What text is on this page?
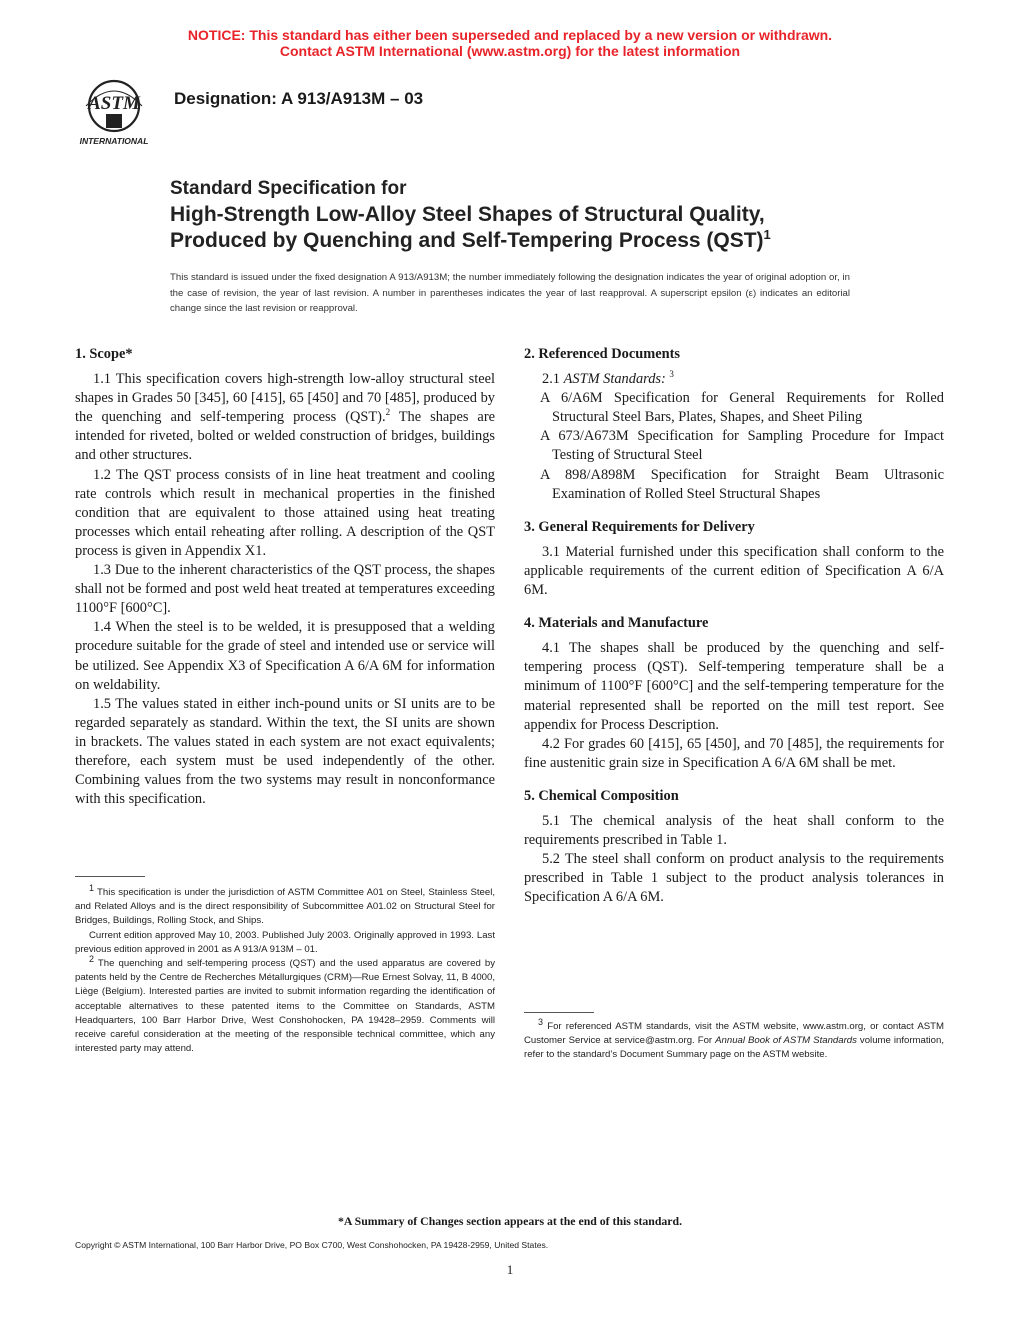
NOTICE: This standard has either been superseded and replaced by a new version or withdrawn.
Contact ASTM International (www.astm.org) for the latest information
ASTM
INTERNATIONAL
Designation: A 913/A913M – 03
Standard Specification for
High-Strength Low-Alloy Steel Shapes of Structural Quality,
Produced by Quenching and Self-Tempering Process (QST)$^1$
This standard is issued under the fixed designation A 913/A913M; the number immediately following the designation indicates the year of original adoption or, in the case of revision, the year of last revision. A number in parentheses indicates the year of last reapproval. A superscript epsilon (ε) indicates an editorial change since the last revision or reapproval.
1. Scope*

1.1 This specification covers high-strength low-alloy structural steel shapes in Grades 50 [345], 60 [415], 65 [450] and 70 [485], produced by the quenching and self-tempering process (QST).$^2$ The shapes are intended for riveted, bolted or welded construction of bridges, buildings and other structures.

1.2 The QST process consists of in line heat treatment and cooling rate controls which result in mechanical properties in the finished condition that are equivalent to those attained using heat treating processes which entail reheating after rolling. A description of the QST process is given in Appendix X1.

1.3 Due to the inherent characteristics of the QST process, the shapes shall not be formed and post weld heat treated at temperatures exceeding 1100°F [600°C].

1.4 When the steel is to be welded, it is presupposed that a welding procedure suitable for the grade of steel and intended use or service will be utilized. See Appendix X3 of Specification A 6/A 6M for information on weldability.

1.5 The values stated in either inch-pound units or SI units are to be regarded separately as standard. Within the text, the SI units are shown in brackets. The values stated in each system are not exact equivalents; therefore, each system must be used independently of the other. Combining values from the two systems may result in nonconformance with this specification.

2. Referenced Documents

2.1 ASTM Standards: $^3$

A 6/A6M Specification for General Requirements for Rolled Structural Steel Bars, Plates, Shapes, and Sheet Piling

A 673/A673M Specification for Sampling Procedure for Impact Testing of Structural Steel

A 898/A898M Specification for Straight Beam Ultrasonic Examination of Rolled Steel Structural Shapes

3. General Requirements for Delivery

3.1 Material furnished under this specification shall conform to the applicable requirements of the current edition of Specification A 6/A 6M.

4. Materials and Manufacture

4.1 The shapes shall be produced by the quenching and self-tempering process (QST). Self-tempering temperature shall be a minimum of 1100°F [600°C] and the self-tempering temperature for the material represented shall be reported on the mill test report. See appendix for Process Description.

4.2 For grades 60 [415], 65 [450], and 70 [485], the requirements for fine austenitic grain size in Specification A 6/A 6M shall be met.

5. Chemical Composition

5.1 The chemical analysis of the heat shall conform to the requirements prescribed in Table 1.

5.2 The steel shall conform on product analysis to the requirements prescribed in Table 1 subject to the product analysis tolerances in Specification A 6/A 6M.

$^1$ This specification is under the jurisdiction of ASTM Committee A01 on Steel, Stainless Steel, and Related Alloys and is the direct responsibility of Subcommittee A01.02 on Structural Steel for Bridges, Buildings, Rolling Stock, and Ships.

Current edition approved May 10, 2003. Published July 2003. Originally approved in 1993. Last previous edition approved in 2001 as A 913/A 913M – 01.

$^2$ The quenching and self-tempering process (QST) and the used apparatus are covered by patents held by the Centre de Recherches Métallurgiques (CRM)—Rue Ernest Solvay, 11, B 4000, Liège (Belgium). Interested parties are invited to submit information regarding the identification of acceptable alternatives to these patented items to the Committee on Standards, ASTM Headquarters, 100 Barr Harbor Drive, West Conshohocken, PA 19428–2959. Comments will receive careful consideration at the meeting of the responsible technical committee, which any interested party may attend.

$^3$ For referenced ASTM standards, visit the ASTM website, www.astm.org, or contact ASTM Customer Service at service@astm.org. For Annual Book of ASTM Standards volume information, refer to the standard’s Document Summary page on the ASTM website.

*A Summary of Changes section appears at the end of this standard.
Copyright © ASTM International, 100 Barr Harbor Drive, PO Box C700, West Conshohocken, PA 19428-2959, United States.
1
